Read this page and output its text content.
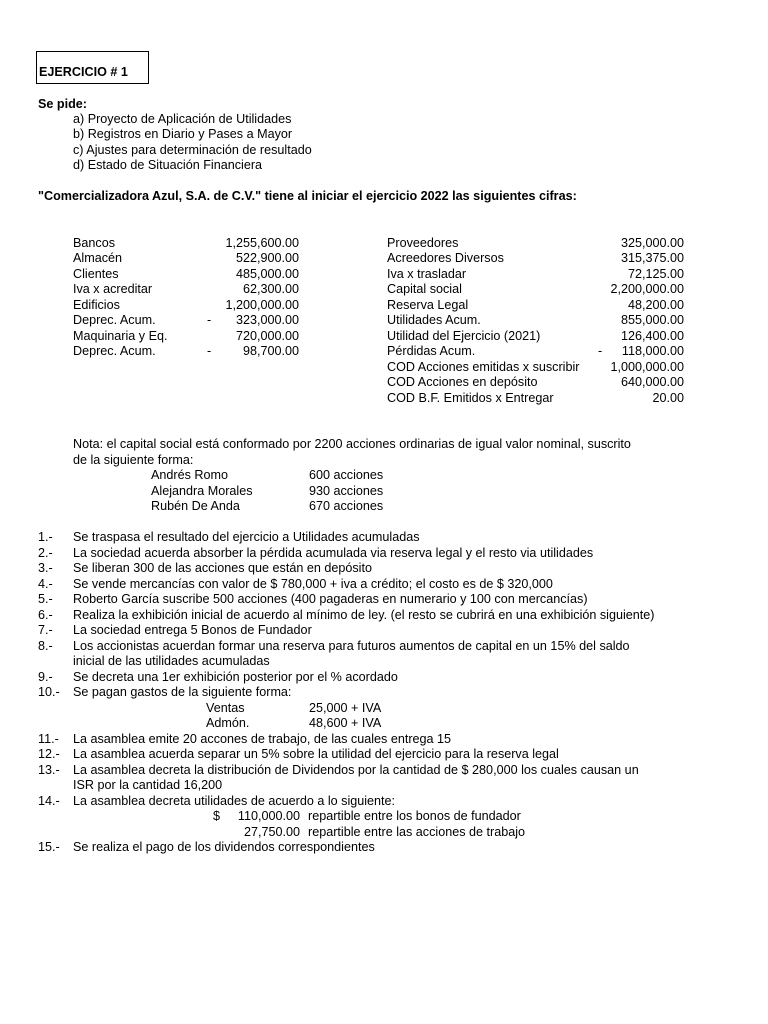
EJERCICIO # 1
Se pide:
a) Proyecto de Aplicación de Utilidades
b) Registros en Diario y Pases a Mayor
c) Ajustes para determinación de resultado
d) Estado de Situación Financiera
"Comercializadora Azul, S.A. de C.V." tiene al iniciar el ejercicio 2022 las siguientes cifras:
Bancos	1,255,600.00
Almacén	522,900.00
Clientes	485,000.00
Iva x acreditar	62,300.00
Edificios	1,200,000.00
Deprec. Acum.	- 323,000.00
Maquinaria y Eq.	720,000.00
Deprec. Acum.	-	98,700.00
Proveedores	325,000.00
Acreedores Diversos	315,375.00
Iva x trasladar	72,125.00
Capital social	2,200,000.00
Reserva Legal	48,200.00
Utilidades Acum.	855,000.00
Utilidad del Ejercicio (2021)	126,400.00
Pérdidas Acum.	- 118,000.00
COD Acciones emitidas x suscribir 1,000,000.00
COD Acciones en depósito	640,000.00
COD B.F. Emitidos x Entregar	20.00
Nota: el capital social está conformado por 2200 acciones ordinarias de igual valor nominal, suscrito
de la siguiente forma:
Andrés Romo	600 acciones
Alejandra Morales	930 acciones
Rubén De Anda	670 acciones
1.- Se traspasa el resultado del ejercicio a Utilidades acumuladas
2.- La sociedad acuerda absorber la pérdida acumulada via reserva legal y el resto via utilidades
3.- Se liberan 300 de las acciones que están en depósito
4.- Se vende mercancías con valor de $ 780,000 + iva a crédito; el costo es de $ 320,000
5.- Roberto García suscribe 500 acciones (400 pagaderas en numerario y 100 con mercancías)
6.- Realiza la exhibición inicial de acuerdo al mínimo de ley. (el resto se cubrirá en una exhibición siguiente)
7.- La sociedad entrega 5 Bonos de Fundador
8.- Los accionistas acuerdan formar una reserva para futuros aumentos de capital en un 15% del saldo
inicial de las utilidades acumuladas
9.- Se decreta una 1er exhibición posterior por el % acordado
10.- Se pagan gastos de la siguiente forma:
Ventas	25,000 + IVA
Admón.	48,600 + IVA
11.- La asamblea emite 20 accones de trabajo, de las cuales entrega 15
12.- La asamblea acuerda separar un 5% sobre la utilidad del ejercicio para la reserva legal
13.- La asamblea decreta la distribución de Dividendos por la cantidad de $ 280,000 los cuales causan un
ISR por la cantidad 16,200
14.- La asamblea decreta utilidades de acuerdo a lo siguiente:
$ 110,000.00 repartible entre los bonos de fundador
27,750.00 repartible entre las acciones de trabajo
15.- Se realiza el pago de los dividendos correspondientes
